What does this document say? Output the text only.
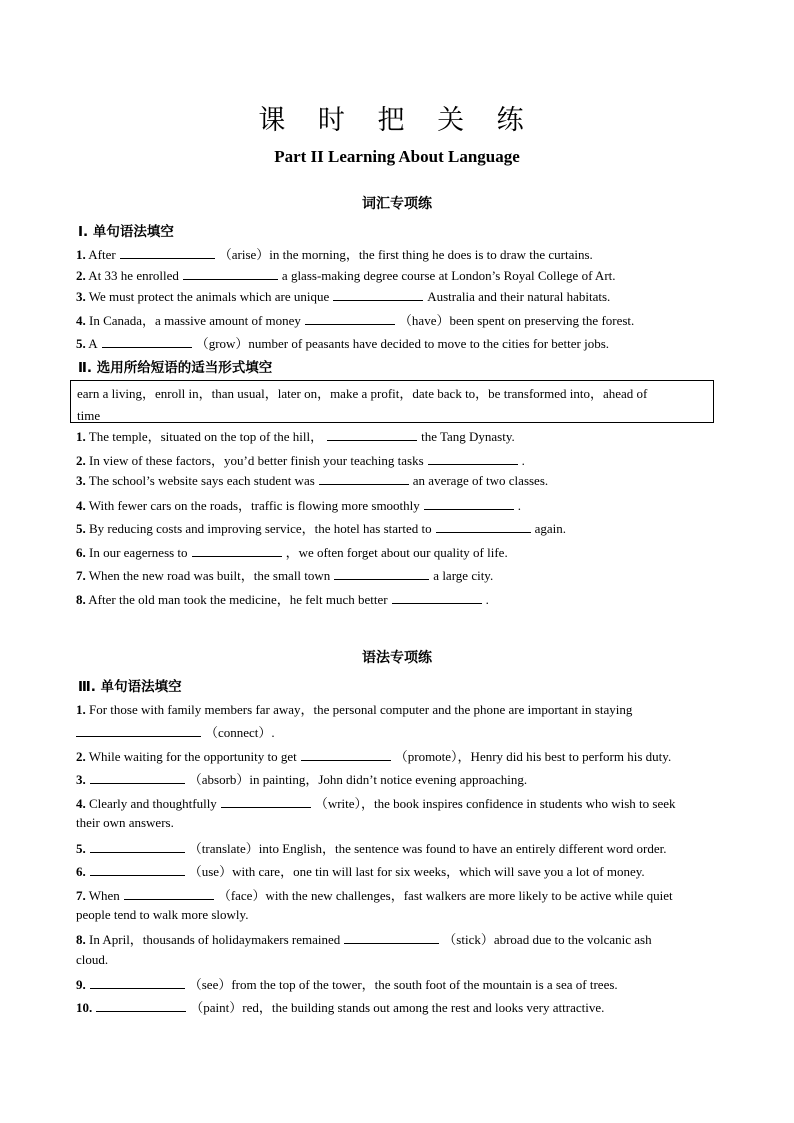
课 时 把 关 练
Part II Learning About Language
词汇专项练
Ⅰ. 单句语法填空
1. After	（arise）in the morning，the first thing he does is to draw the curtains.
2. At 33 he enrolled	a glass-making degree course at London’s Royal College of Art.
3. We must protect the animals which are unique	Australia and their natural habitats.
4. In Canada，a massive amount of money	（have）been spent on preserving the forest.
5. A	（grow）number of peasants have decided to move to the cities for better jobs.
Ⅱ. 选用所给短语的适当形式填空
earn a living，enroll in，than usual，later on，make a profit，date back to，be transformed into，ahead of
time
1. The temple，situated on the top of the hill，	the Tang Dynasty.
2. In view of these factors，you’d better finish your teaching tasks	.
3. The school’s website says each student was	an average of two classes.
4. With fewer cars on the roads，traffic is flowing more smoothly	.
5. By reducing costs and improving service，the hotel has started to	again.
6. In our eagerness to	，we often forget about our quality of life.
7. When the new road was built，the small town	a large city.
8. After the old man took the medicine，he felt much better	.
语法专项练
Ⅲ. 单句语法填空
1. For those with family members far away，the personal computer and the phone are important in staying
（connect）.
2. While waiting for the opportunity to get	（promote），Henry did his best to perform his duty.
3.	（absorb）in painting，John didn’t notice evening approaching.
4. Clearly and thoughtfully	（write），the book inspires confidence in students who wish to seek
their own answers.
5.	（translate）into English，the sentence was found to have an entirely different word order.
6.	（use）with care，one tin will last for six weeks，which will save you a lot of money.
7. When	（face）with the new challenges，fast walkers are more likely to be active while quiet
people tend to walk more slowly.
8. In April，thousands of holidaymakers remained	（stick）abroad due to the volcanic ash
cloud.
9.	（see）from the top of the tower，the south foot of the mountain is a sea of trees.
10.	（paint）red，the building stands out among the rest and looks very attractive.
